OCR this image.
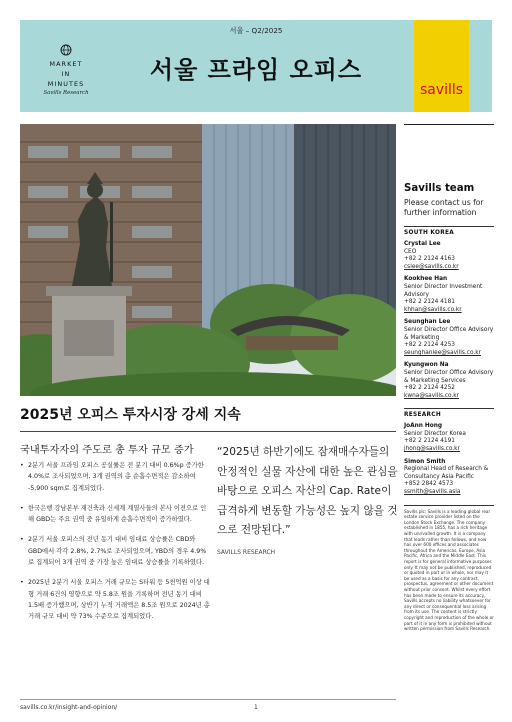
MARKET
IN
MINUTES
Savills Research
서울 – Q2/2025
서울 프라임 오피스
savills
2025년 오피스 투자시장 강세 지속
국내투자자의 주도로 총 투자 규모 증가
• 2분기 서울 프라임 오피스 공실률은 전 분기 대비 0.6%p 증가한 4.0%로 조사되었으며, 3개 권역의 총 순흡수면적은 감소하여 -5,900 sqm로 집계되었다.
• 한국은행 강남본부 재건축과 신세계 계열사들의 본사 이전으로 인해 GBD는 주요 권역 중 유일하게 순흡수면적이 증가하였다.
• 2분기 서울 오피스의 전년 동기 대비 임대료 상승률은 CBD와 GBD에서 각각 2.8%, 2.7%로 조사되었으며, YBD의 경우 4.9%로 집계되어 3개 권역 중 가장 높은 임대료 상승률을 기록하였다.
• 2025년 2분기 서울 오피스 거래 규모는 S타워 등 5천억원 이상 대형 거래 6건의 영향으로 약 5.8조 원을 기록하며 전년 동기 대비 1.5배 증가했으며, 상반기 누적 거래액은 8.5조 원으로 2024년 총 거래 규모 대비 약 73% 수준으로 집계되었다.
“2025년 하반기에도 잠재매수자들의 안정적인 실물 자산에 대한 높은 관심을 바탕으로 오피스 자산의 Cap. Rate이 급격하게 변동할 가능성은 높지 않을 것으로 전망된다.”
SAVILLS RESEARCH
Savills team
Please contact us for further information
SOUTH KOREA
Crystal Lee
CEO
+82 2 2124 4163
cslee@savills.co.kr
Kookhee Han
Senior Director Investment Advisory
+82 2 2124 4181
khhan@savills.co.kr
Seunghan Lee
Senior Director Office Advisory & Marketing
+82 2 2124 4253
seunghanlee@savills.co.kr
Kyungwon Na
Senior Director Office Advisory & Marketing Services
+82 2 2124 4252
kwna@savills.co.kr
RESEARCH
JoAnn Hong
Senior Director Korea
+82 2 2124 4191
jhong@savills.co.kr
Simon Smith
Regional Head of Research & Consultancy Asia Pacific
+852 2842 4573
ssmith@savills.asia
Savills plc: Savills is a leading global real estate service provider listed on the London Stock Exchange. The company established in 1855, has a rich heritage with unrivalled growth. It is a company that leads rather than follows, and now has over 600 offices and associates throughout the Americas, Europe, Asia Pacific, Africa and the Middle East. This report is for general informative purposes only. It may not be published, reproduced or quoted in part or in whole, nor may it be used as a basis for any contract, prospectus, agreement or other document without prior consent. Whilst every effort has been made to ensure its accuracy, Savills accepts no liability whatsoever for any direct or consequential loss arising from its use. The content is strictly copyright and reproduction of the whole or part of it in any form is prohibited without written permission from Savills Research.
savills.co.kr/insight-and-opinion/	1
